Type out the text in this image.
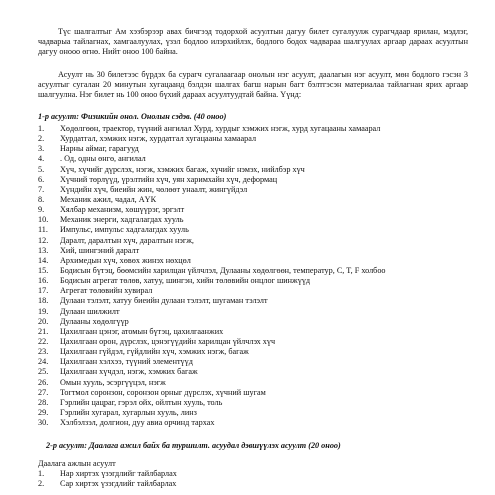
Түс шалгалтыг Ам хэзбэрээр авах бичгээд тодорхой асуултын дагуу билет сугалуулж сурагчдаар ярилан, мэдлэг, чадварыа тайлагнах, хамгаалуулах, үзэл бодлоо илэрхийлэх, бодлого бодох чадвараа шалгуулах аргаар дараах асуултын дагуу онооо өгнө. Нийт оноо 100 байна.

Асуулт нь 30 билетээс бүрдэх ба сурагч сугалаагаар онолын нэг асуулт, даалагын нэг асуулт, мөн бодлого гэсэн 3 асуултыг сугалан 20 минутын хугацаанд бэлдэн шалгах багш нарын багт бэлтгэсэн материалаа тайлагнан ярих аргаар шалгуулна. Нэг билет нь 100 оноо бүхий дараах асуултуудтай байна. Үүнд:

1-р асуулт: Физикийн онол. Онолын сэдэв. (40 оноо)

1.	Хөдөлгөөн, траектор, түүний ангилал Хурд, хурдыг хэмжих нэгж, хурд хугацааны хамаарал
2.	Хурдатгал, хэмжих нэгж, хурдатгал хугацааны хамаарал
3.	Нарны аймаг, гарагууд
4.	. Од, одны өнгө, ангилал
5.	Хүч, хүчийг дүрслэх, нэгж, хэмжих багаж, хүчийг нэмэх, нийлбэр хүч
6.	Хүчний төрлүүд, үрэлтийн хүч, уян харимхайн хүч, деформац
7.	Хүндийн хүч, биеийн жин, чөлөөт унаалт, жингүйдэл
8.	Механик ажил, чадал, АҮК
9.	Хялбар механизм, хөшүүрэг, эргэлт
10.	Механик энерги, хадгалагдах хууль
11.	Импульс, импульс хадгалагдах хууль
12.	Даралт, даралтын хүч, даралтын нэгж,
13.	Хий, шингэний даралт
14.	Архимедын хүч, хөвөх жинэх нөхцөл
15.	Бодисын бүтэц, бөөмсийн харилцан үйлчлэл, Дулааны хөдөлгөөн, температур, C, T, F холбоо
16.	Бодисын агрегат төлөв, хатуу, шингэн, хийн төлөвийн онцлог шинжүүд
17.	Агрегат төлөвийн хувирал
18.	Дулаан тэлэлт, хатуу биеийн дулаан тэлэлт, шугаман тэлэлт
19.	Дулаан шилжилт
20.	Дулааны хөдөлгүүр
21.	Цахилгаан цэнэг, атомын бүтэц, цахилгаанжих
22.	Цахилгаан орон, дүрслэх, цэнэгүүдийн харилцан үйлчлэх хүч
23.	Цахилгаан гүйдэл, гүйдлийн хүч, хэмжих нэгж, багаж
24.	Цахилгаан хэлхээ, түүний элементүүд
25.	Цахилгаан хүчдэл, нэгж, хэмжих багаж
26.	Омын хууль, эсэргүүцэл, нэгж
27.	Тогтмол соронзон, соронзон орныг дүрслэх, хүчний шугам
28.	Гэрлийн цацраг, гэрэл ойх, ойлтын хууль, толь
29.	Гэрлийн хугарал, хугарлын хууль, линз
30.	Хэлбэлзэл, долгион, дуу авиа орчинд тархах

2-р асуулт: Даалага ажил байх ба туршилт. асуудал дэвшүүлэх асуулт (20 оноо)

Даалага ажлын асуулт

1.	Нар хиртэх үзэгдлийг тайлбарлах
2.	Сар хиртэх үзэгдлийг тайлбарлах
